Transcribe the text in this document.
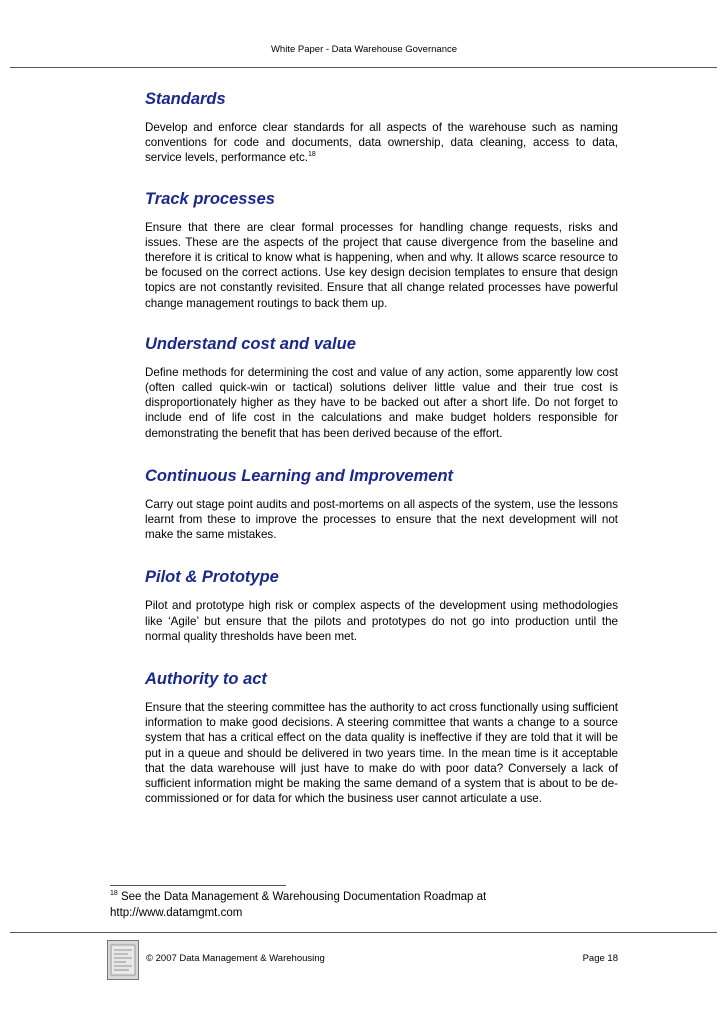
White Paper - Data Warehouse Governance
Standards

Develop and enforce clear standards for all aspects of the warehouse such as naming conventions for code and documents, data ownership, data cleaning, access to data, service levels, performance etc.$^{18}$

Track processes

Ensure that there are clear formal processes for handling change requests, risks and issues. These are the aspects of the project that cause divergence from the baseline and therefore it is critical to know what is happening, when and why. It allows scarce resource to be focused on the correct actions. Use key design decision templates to ensure that design topics are not constantly revisited. Ensure that all change related processes have powerful change management routings to back them up.

Understand cost and value

Define methods for determining the cost and value of any action, some apparently low cost (often called quick-win or tactical) solutions deliver little value and their true cost is disproportionately higher as they have to be backed out after a short life. Do not forget to include end of life cost in the calculations and make budget holders responsible for demonstrating the benefit that has been derived because of the effort.

Continuous Learning and Improvement

Carry out stage point audits and post-mortems on all aspects of the system, use the lessons learnt from these to improve the processes to ensure that the next development will not make the same mistakes.

Pilot & Prototype

Pilot and prototype high risk or complex aspects of the development using methodologies like ‘Agile’ but ensure that the pilots and prototypes do not go into production until the normal quality thresholds have been met.

Authority to act

Ensure that the steering committee has the authority to act cross functionally using sufficient information to make good decisions. A steering committee that wants a change to a source system that has a critical effect on the data quality is ineffective if they are told that it will be put in a queue and should be delivered in two years time. In the mean time is it acceptable that the data warehouse will just have to make do with poor data? Conversely a lack of sufficient information might be making the same demand of a system that is about to be de-commissioned or for data for which the business user cannot articulate a use.

$^{18}$ See the Data Management & Warehousing Documentation Roadmap at
http://www.datamgmt.com
© 2007 Data Management & Warehousing	Page 18
